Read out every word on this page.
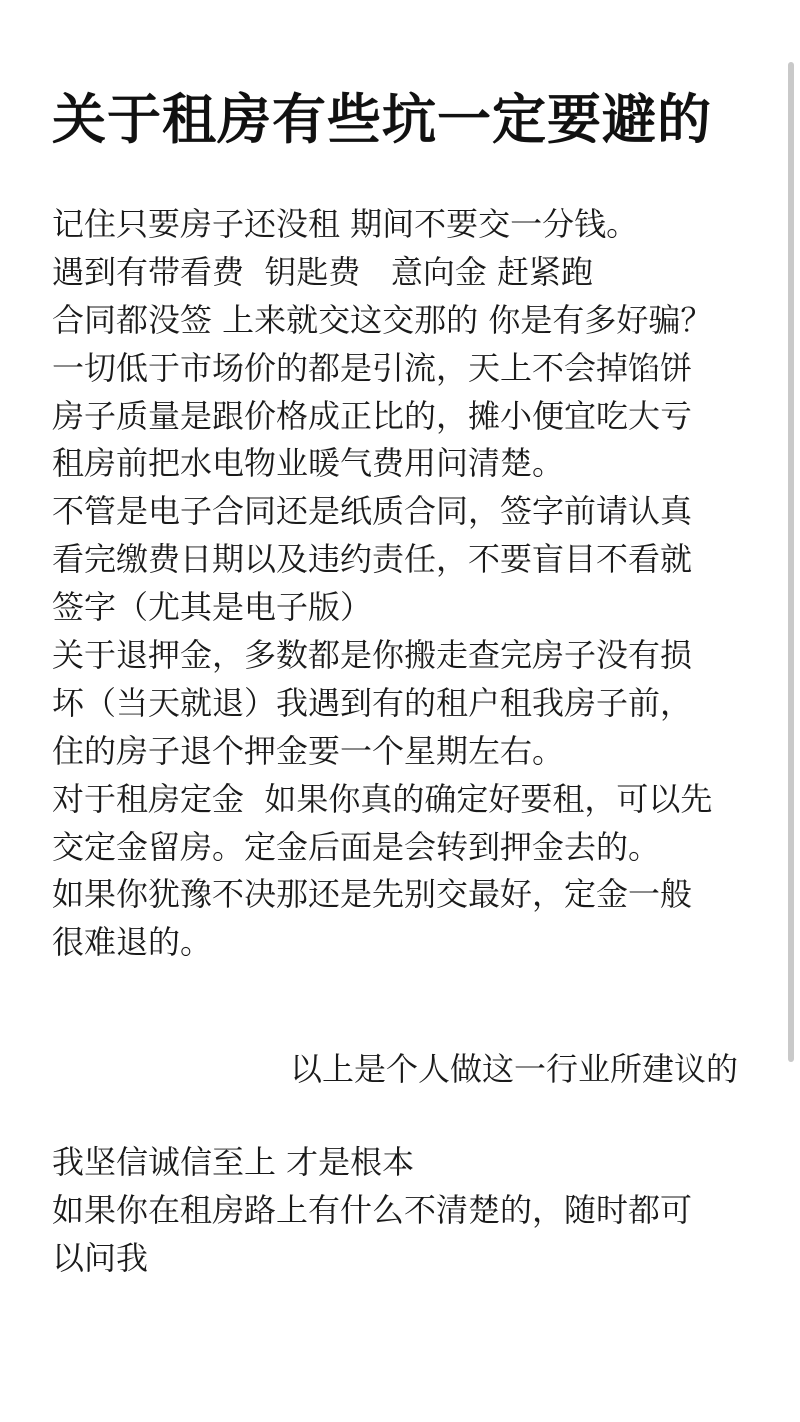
关于租房有些坑一定要避的
记住只要房子还没租 期间不要交一分钱。
遇到有带看费  钥匙费   意向金 赶紧跑
合同都没签 上来就交这交那的 你是有多好骗？
一切低于市场价的都是引流，天上不会掉馅饼
房子质量是跟价格成正比的，摊小便宜吃大亏
租房前把水电物业暖气费用问清楚。
不管是电子合同还是纸质合同，签字前请认真
看完缴费日期以及违约责任，不要盲目不看就
签字（尤其是电子版）
关于退押金，多数都是你搬走查完房子没有损
坏（当天就退）我遇到有的租户租我房子前，
住的房子退个押金要一个星期左右。
对于租房定金  如果你真的确定好要租，可以先
交定金留房。定金后面是会转到押金去的。
如果你犹豫不决那还是先别交最好，定金一般
很难退的。
以上是个人做这一行业所建议的
我坚信诚信至上 才是根本
如果你在租房路上有什么不清楚的，随时都可
以问我
